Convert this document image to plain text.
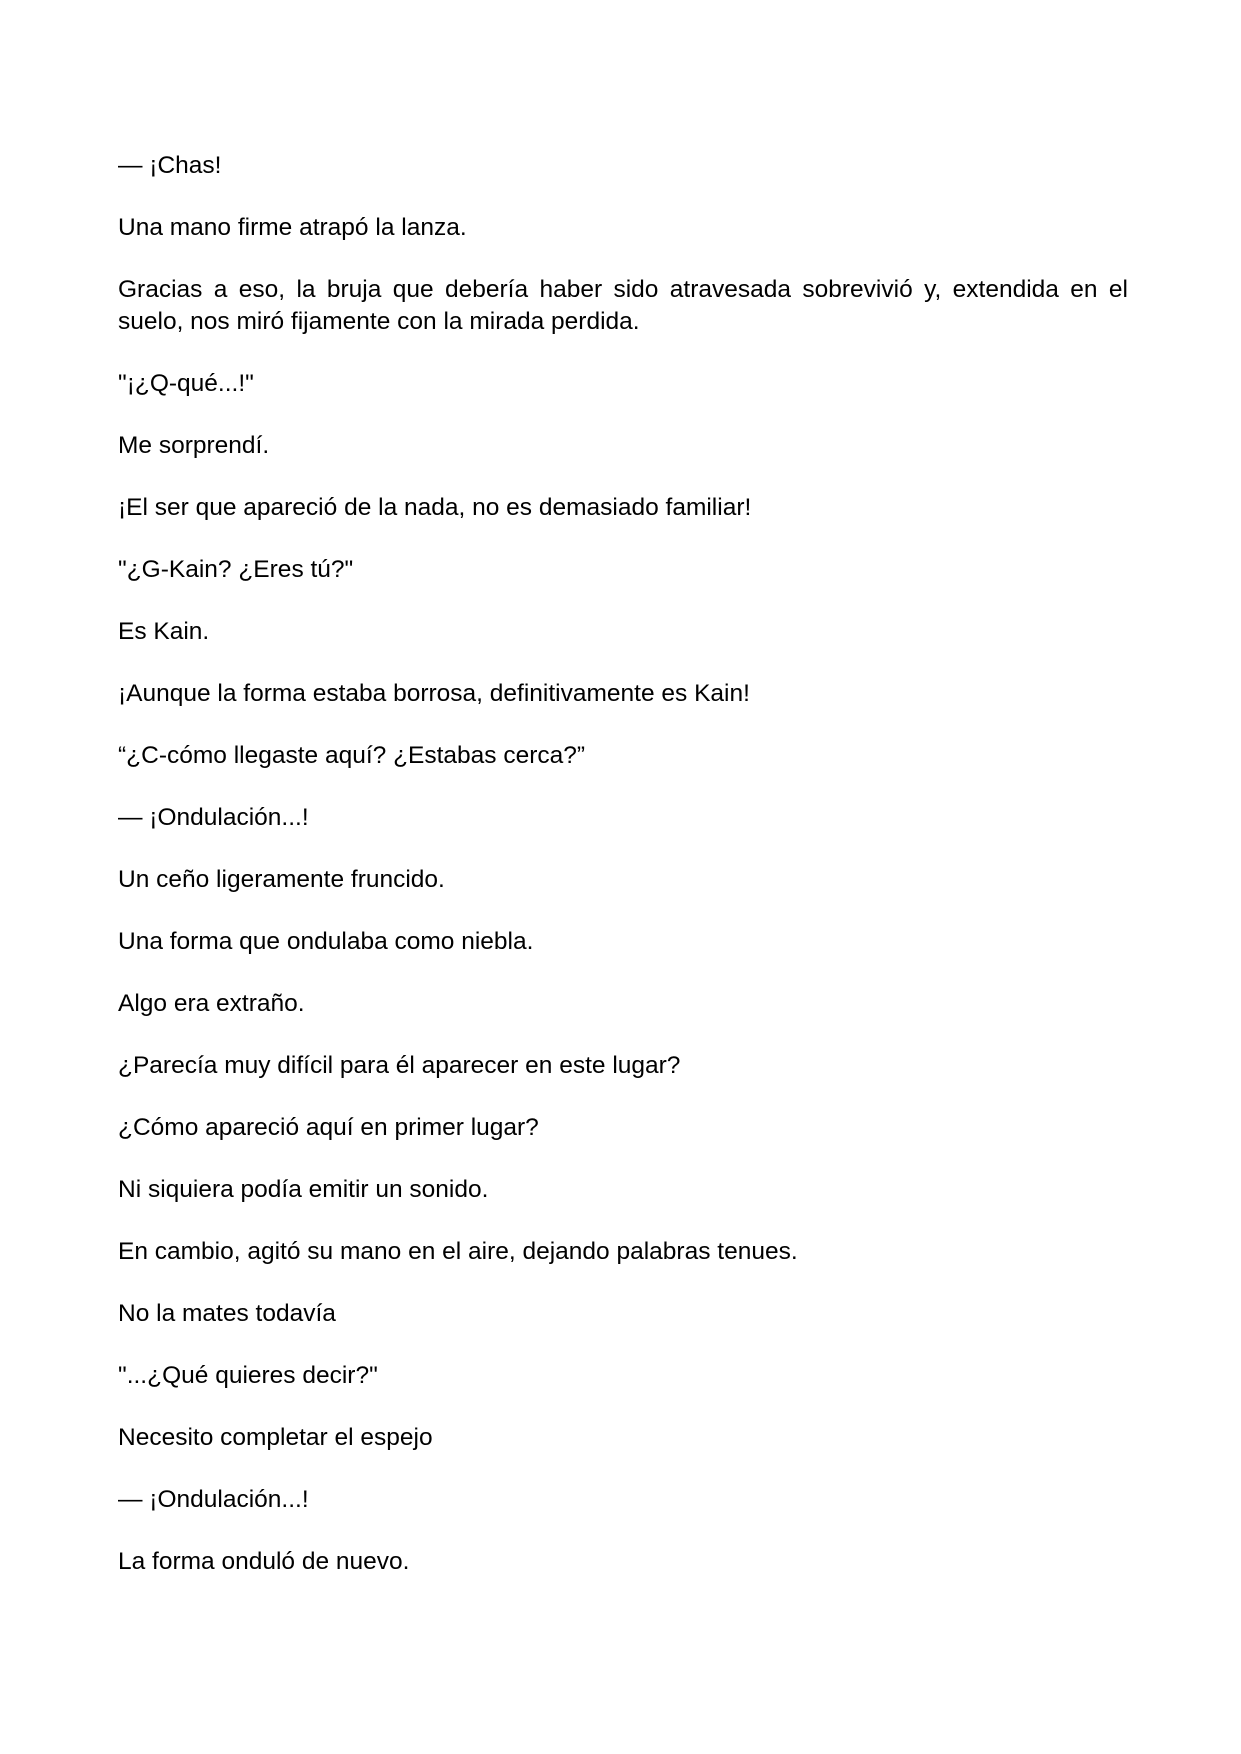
— ¡Chas!

Una mano firme atrapó la lanza.

Gracias a eso, la bruja que debería haber sido atravesada sobrevivió y, extendida en el suelo, nos miró fijamente con la mirada perdida.

"¡¿Q-qué...!"

Me sorprendí.

¡El ser que apareció de la nada, no es demasiado familiar!

"¿G-Kain? ¿Eres tú?"

Es Kain.

¡Aunque la forma estaba borrosa, definitivamente es Kain!

“¿C-cómo llegaste aquí? ¿Estabas cerca?”

— ¡Ondulación...!

Un ceño ligeramente fruncido.

Una forma que ondulaba como niebla.

Algo era extraño.

¿Parecía muy difícil para él aparecer en este lugar?

¿Cómo apareció aquí en primer lugar?

Ni siquiera podía emitir un sonido.

En cambio, agitó su mano en el aire, dejando palabras tenues.

No la mates todavía

"...¿Qué quieres decir?"

Necesito completar el espejo

— ¡Ondulación...!

La forma onduló de nuevo.
